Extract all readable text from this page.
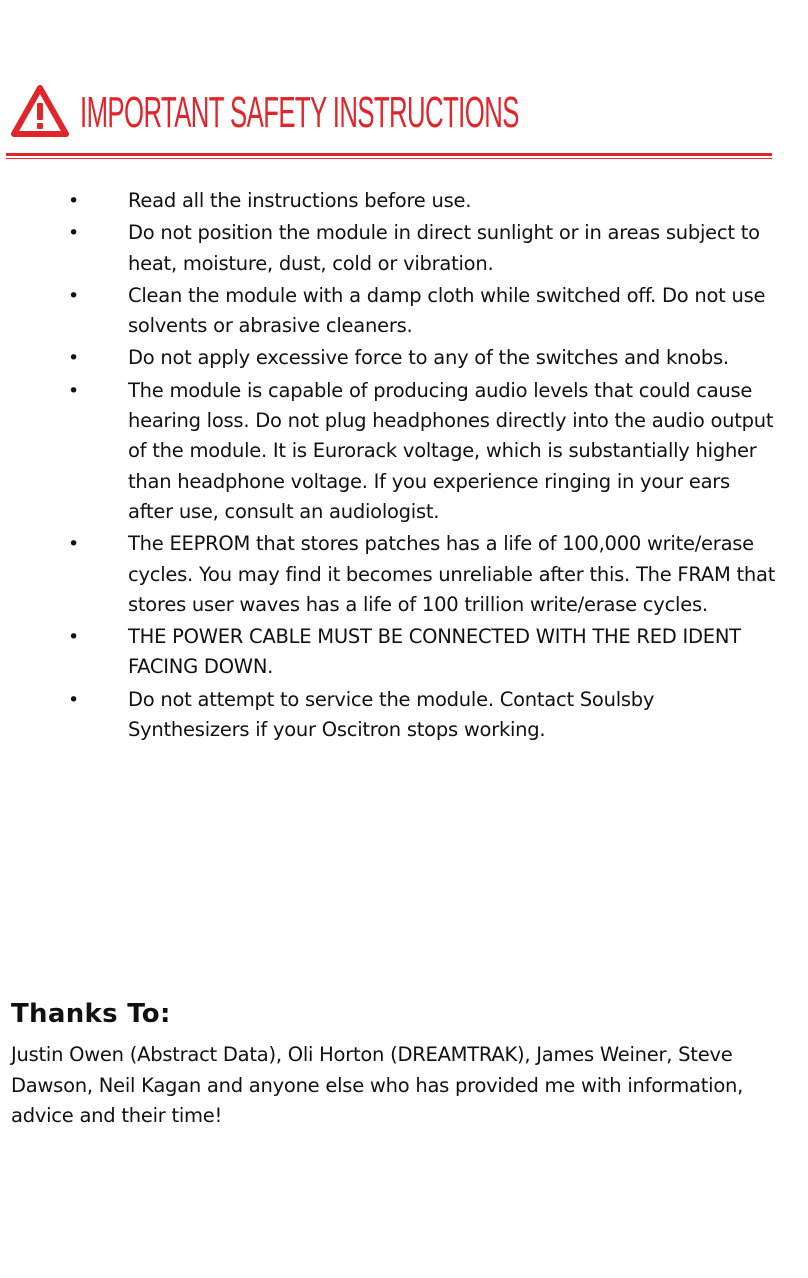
IMPORTANT SAFETY INSTRUCTIONS
•	Read all the instructions before use.
•	Do not position the module in direct sunlight or in areas subject to heat, moisture, dust, cold or vibration.
•	Clean the module with a damp cloth while switched off. Do not use solvents or abrasive cleaners.
•	Do not apply excessive force to any of the switches and knobs.
•	The module is capable of producing audio levels that could cause hearing loss. Do not plug headphones directly into the audio output of the module. It is Eurorack voltage, which is substantially higher than headphone voltage. If you experience ringing in your ears after use, consult an audiologist.
•	The EEPROM that stores patches has a life of 100,000 write/erase cycles. You may find it becomes unreliable after this. The FRAM that stores user waves has a life of 100 trillion write/erase cycles.
•	THE POWER CABLE MUST BE CONNECTED WITH THE RED IDENT FACING DOWN.
•	Do not attempt to service the module. Contact Soulsby Synthesizers if your Oscitron stops working.
Thanks To:
Justin Owen (Abstract Data), Oli Horton (DREAMTRAK), James Weiner, Steve Dawson, Neil Kagan and anyone else who has provided me with information, advice and their time!
